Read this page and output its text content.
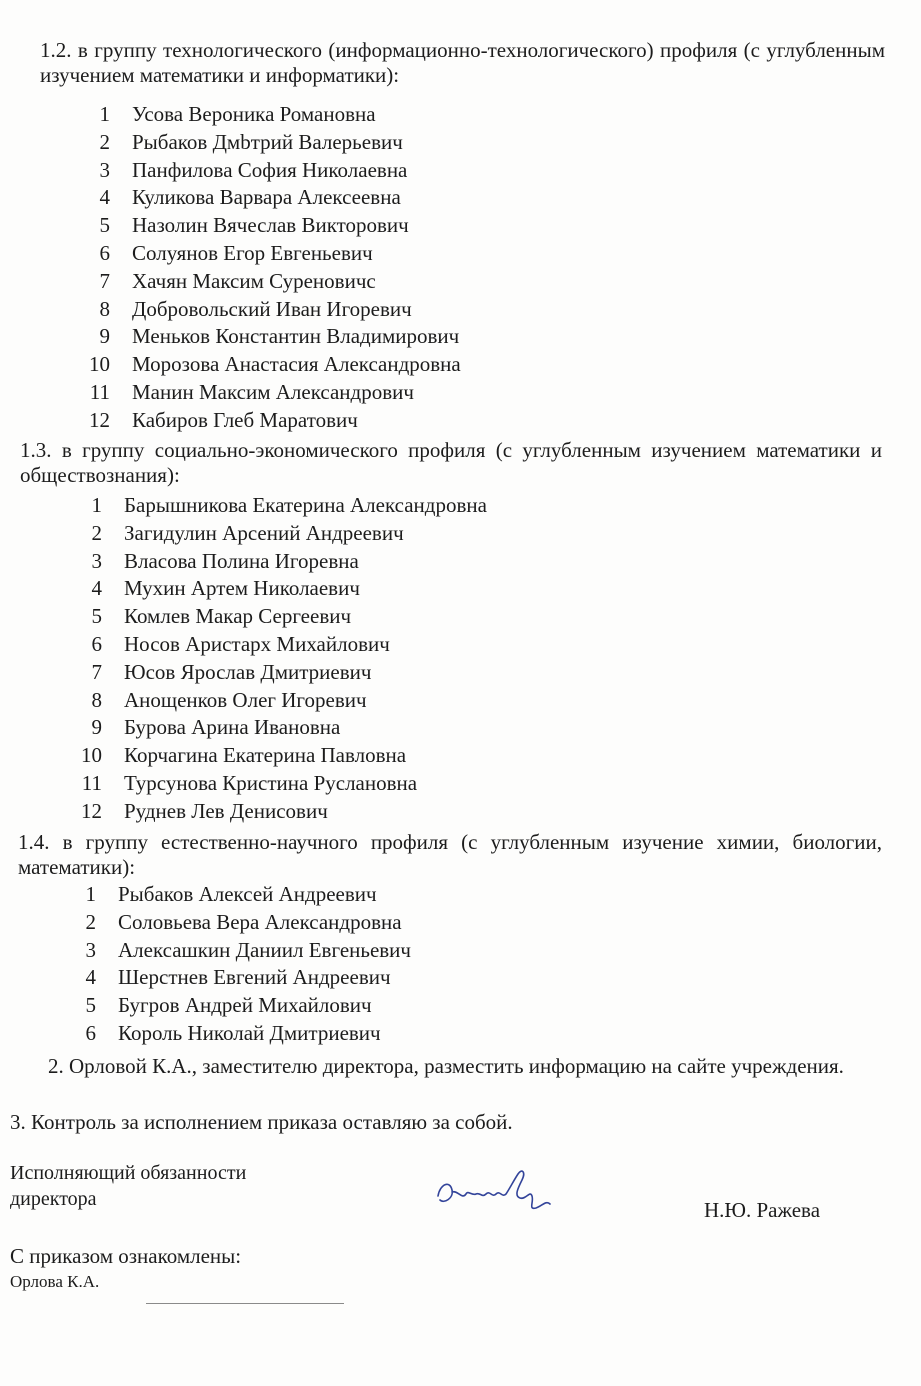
1.2. в группу технологического (информационно-технологического) профиля (с углубленным изучением математики и информатики):

1 Усова Вероника Романовна
2 Рыбаков Дмbтрий Валерьевич
3 Панфилова София Николаевна
4 Куликова Варвара Алексеевна
5 Назолин Вячеслав Викторович
6 Солуянов Егор Евгеньевич
7 Хачян Максим Суреновичс
8 Добровольский Иван Игоревич
9 Меньков Константин Владимирович
10 Морозова Анастасия Александровна
11 Манин Максим Александрович
12 Кабиров Глеб Маратович

1.3. в группу социально-экономического профиля (с углубленным изучением математики и обществознания):

1 Барышникова Екатерина Александровна
2 Загидулин Арсений Андреевич
3 Власова Полина Игоревна
4 Мухин Артем Николаевич
5 Комлев Макар Сергеевич
6 Носов Аристарх Михайлович
7 Юсов Ярослав Дмитриевич
8 Анощенков Олег Игоревич
9 Бурова Арина Ивановна
10 Корчагина Екатерина Павловна
11 Турсунова Кристина Руслановна
12 Руднев Лев Денисович

1.4. в группу естественно-научного профиля (с углубленным изучение химии, биологии, математики):

1 Рыбаков Алексей Андреевич
2 Соловьева Вера Александровна
3 Алексашкин Даниил Евгеньевич
4 Шерстнев Евгений Андреевич
5 Бугров Андрей Михайлович
6 Король Николай Дмитриевич

2. Орловой К.А., заместителю директора, разместить информацию на сайте учреждения.

3. Контроль за исполнением приказа оставляю за собой.

Исполняющий обязанности

директора	Н.Ю. Ражева

С приказом ознакомлены:

Орлова К.А.
